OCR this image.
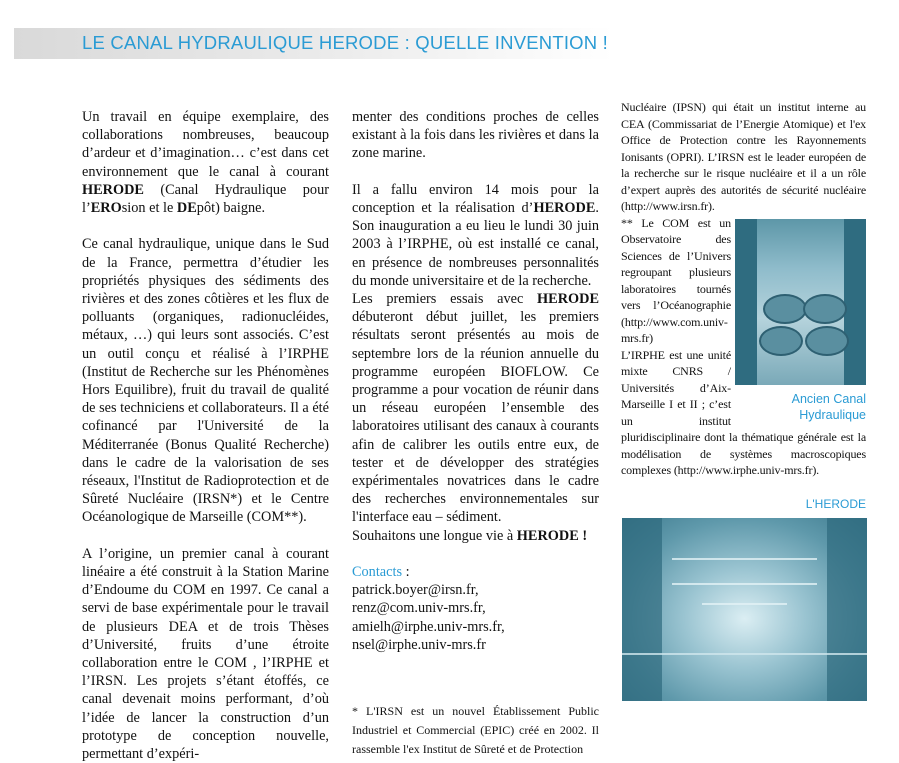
LE CANAL HYDRAULIQUE HERODE : QUELLE INVENTION !

Un travail en équipe exemplaire, des collaborations nombreuses, beaucoup d’ardeur et d’imagination… c’est dans cet environnement que le canal à courant HERODE (Canal Hydraulique pour l’EROsion et le DEpôt) baigne.

Ce canal hydraulique, unique dans le Sud de la France, permettra d’étudier les propriétés physiques des sédiments des rivières et des zones côtières et les flux de polluants (organiques, radionucléides, métaux, …) qui leurs sont associés. C’est un outil conçu et réalisé à l’IRPHE (Institut de Recherche sur les Phénomènes Hors Equilibre), fruit du travail de qualité de ses techniciens et collaborateurs. Il a été cofinancé par l'Université de la Méditerranée (Bonus Qualité Recherche) dans le cadre de la valorisation de ses réseaux, l'Institut de Radioprotection et de Sûreté Nucléaire (IRSN*) et le Centre Océanologique de Marseille (COM**).

A l’origine, un premier canal à courant linéaire a été construit à la Station Marine d’Endoume du COM en 1997. Ce canal a servi de base expérimentale pour le travail de plusieurs DEA et de trois Thèses d’Université, fruits d’une étroite collaboration entre le COM , l’IRPHE et l’IRSN. Les projets s’étant étoffés, ce canal devenait moins performant, d’où l’idée de lancer la construction d’un prototype de conception nouvelle, permettant d’expéri-

menter des conditions proches de celles existant à la fois dans les rivières et dans la zone marine.

Il a fallu environ 14 mois pour la conception et la réalisation d’HERODE. Son inauguration a eu lieu le lundi 30 juin 2003 à l’IRPHE, où est installé ce canal, en présence de nombreuses personnalités du monde universitaire et de la recherche.

Les premiers essais avec HERODE débuteront début juillet, les premiers résultats seront présentés au mois de septembre lors de la réunion annuelle du programme européen BIOFLOW. Ce programme a pour vocation de réunir dans un réseau européen l’ensemble des laboratoires utilisant des canaux à courants afin de calibrer les outils entre eux, de tester et de développer des stratégies expérimentales novatrices dans le cadre des recherches environnementales sur l'interface eau – sédiment.

Souhaitons une longue vie à HERODE !

Contacts :

patrick.boyer@irsn.fr,

renz@com.univ-mrs.fr,

amielh@irphe.univ-mrs.fr,

nsel@irphe.univ-mrs.fr

* L'IRSN est un nouvel Établissement Public Industriel et Commercial (EPIC) créé en 2002. Il rassemble l'ex Institut de Sûreté et de Protection

Nucléaire (IPSN) qui était un institut interne au CEA (Commissariat de l’Energie Atomique) et l'ex Office de Protection contre les Rayonnements Ionisants (OPRI). L’IRSN est le leader européen de la recherche sur le risque nucléaire et il a un rôle d’expert auprès des autorités de sécurité nucléaire (http://www.irsn.fr).

Ancien Canal
Hydraulique

** Le COM est un Observatoire des Sciences de l’Univers regroupant plusieurs laboratoires tournés vers l’Océanographie (http://www.com.univ-mrs.fr)

L’IRPHE est une unité mixte CNRS / Universités d’Aix-Marseille I et II ; c’est un institut pluridisciplinaire dont la thématique générale est la modélisation de systèmes macroscopiques complexes (http://www.irphe.univ-mrs.fr).

L'HERODE
